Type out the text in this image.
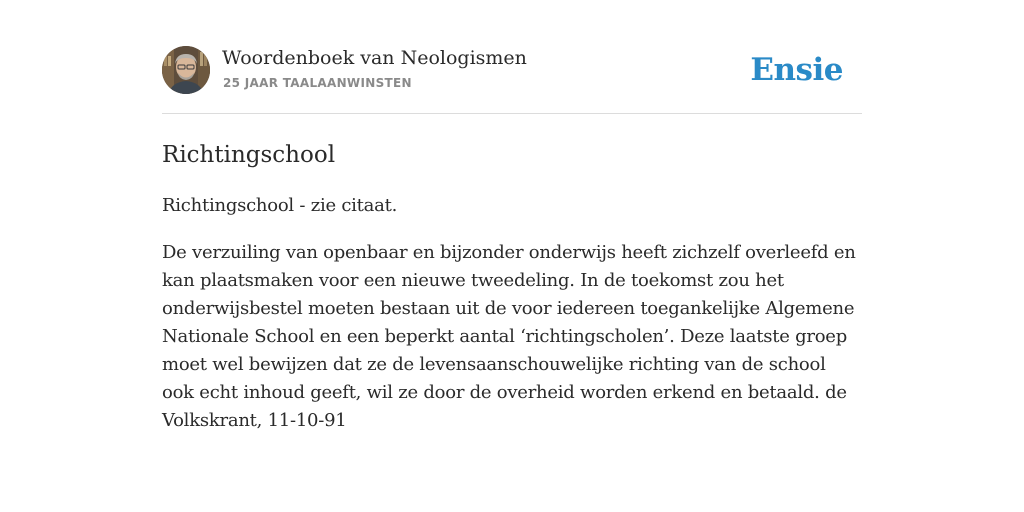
Woordenboek van Neologismen
25 JAAR TAALAANWINSTEN	Ensie
Richtingschool

Richtingschool - zie citaat.

De verzuiling van openbaar en bijzonder onderwijs heeft zichzelf overleefd en kan plaatsmaken voor een nieuwe tweedeling. In de toekomst zou het onderwijsbestel moeten bestaan uit de voor iedereen toegankelijke Algemene Nationale School en een beperkt aantal ‘richtingscholen’. Deze laatste groep moet wel bewijzen dat ze de levensaanschouwelijke richting van de school ook echt inhoud geeft, wil ze door de overheid worden erkend en betaald. de Volkskrant, 11-10-91
